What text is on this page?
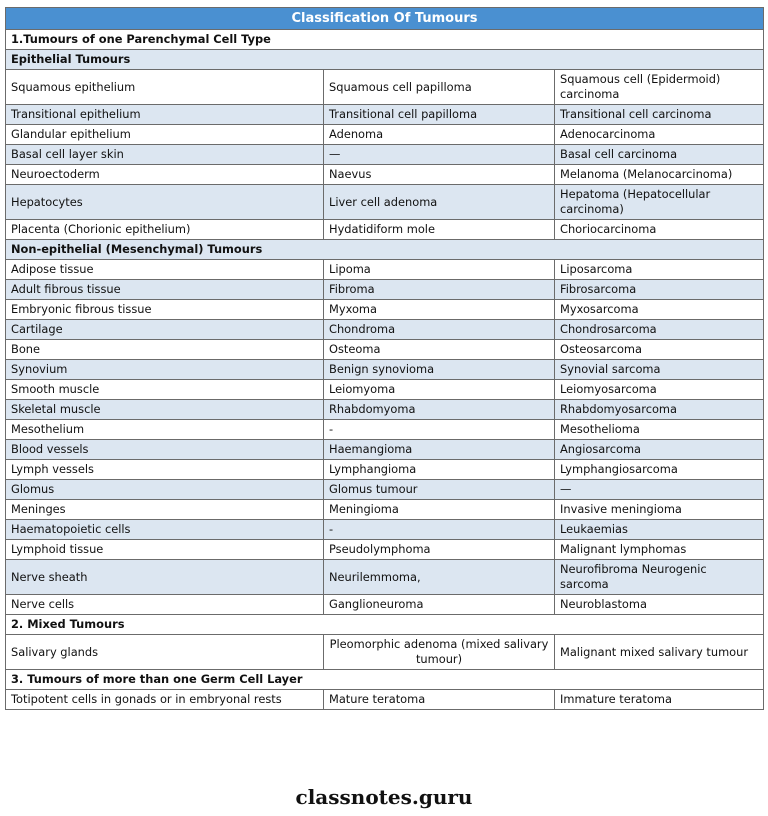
Classification Of Tumours		
1.Tumours of one Parenchymal Cell Type		
Epithelial Tumours		
Squamous epithelium	Squamous cell papilloma	Squamous cell (Epidermoid) carcinoma
Transitional epithelium	Transitional cell papilloma	Transitional cell carcinoma
Glandular epithelium	Adenoma	Adenocarcinoma
Basal cell layer skin	—	Basal cell carcinoma
Neuroectoderm	Naevus	Melanoma (Melanocarcinoma)
Hepatocytes	Liver cell adenoma	Hepatoma (Hepatocellular carcinoma)
Placenta (Chorionic epithelium)	Hydatidiform mole	Choriocarcinoma
Non-epithelial (Mesenchymal) Tumours		
Adipose tissue	Lipoma	Liposarcoma
Adult fibrous tissue	Fibroma	Fibrosarcoma
Embryonic fibrous tissue	Myxoma	Myxosarcoma
Cartilage	Chondroma	Chondrosarcoma
Bone	Osteoma	Osteosarcoma
Synovium	Benign synovioma	Synovial sarcoma
Smooth muscle	Leiomyoma	Leiomyosarcoma
Skeletal muscle	Rhabdomyoma	Rhabdomyosarcoma
Mesothelium	-	Mesothelioma
Blood vessels	Haemangioma	Angiosarcoma
Lymph vessels	Lymphangioma	Lymphangiosarcoma
Glomus	Glomus tumour	—
Meninges	Meningioma	Invasive meningioma
Haematopoietic cells	-	Leukaemias
Lymphoid tissue	Pseudolymphoma	Malignant lymphomas
Nerve sheath	Neurilemmoma,	Neurofibroma Neurogenic sarcoma
Nerve cells	Ganglioneuroma	Neuroblastoma
2. Mixed Tumours		
Salivary glands	Pleomorphic adenoma (mixed salivary tumour)	Malignant mixed salivary tumour
3. Tumours of more than one Germ Cell Layer		
Totipotent cells in gonads or in embryonal rests	Mature teratoma	Immature teratoma
classnotes.guru
